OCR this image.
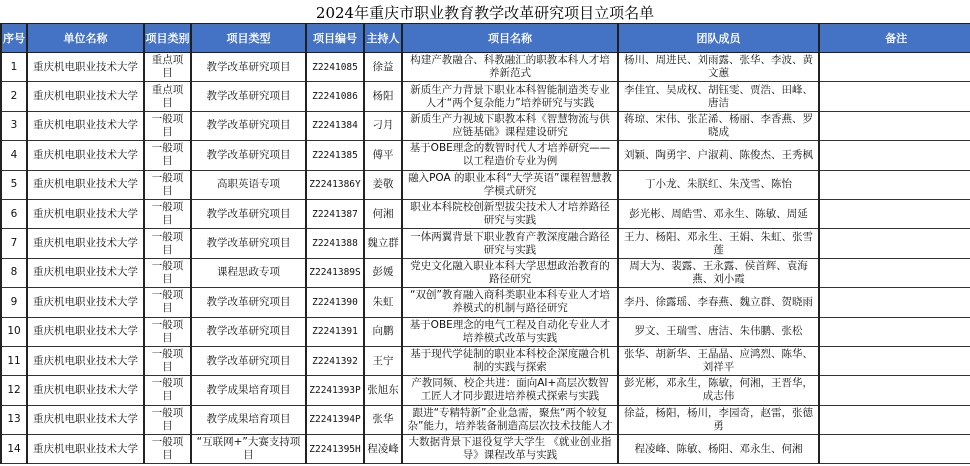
2024年重庆市职业教育教学改革研究项目立项名单
序号	单位名称	项目类别	项目类型	项目编号	主持人	项目名称	团队成员	备注
1	重庆机电职业技术大学	重点项目	教学改革研究项目	Z2241085	徐益	构建产教融合、科教融汇的职教本科人才培养新范式	杨川、周进民、刘雨露、张华、李波、黄文蕙	
2	重庆机电职业技术大学	重点项目	教学改革研究项目	Z2241086	杨阳	新质生产力背景下职业本科智能制造类专业人才“两个复杂能力”培养研究与实践	李佳宜、吴成权、胡钰雯、贾浩、田峰、唐洁	
3	重庆机电职业技术大学	一般项目	教学改革研究项目	Z2241384	刁月	新质生产力视域下职教本科《智慧物流与供应链基础》课程建设研究	蒋琼、宋伟、张芷浠、杨丽、李香燕、罗晓成	
4	重庆机电职业技术大学	一般项目	教学改革研究项目	Z2241385	傅平	基于OBE理念的数智时代人才培养研究——以工程造价专业为例	刘颖、陶勇宇、户淑莉、陈俊杰、王秀枫	
5	重庆机电职业技术大学	一般项目	高职英语专项	Z2241386Y	姜敬	融入POA 的职业本科“大学英语”课程智慧教学模式研究	丁小龙、朱朕红、朱茂雪、陈怡	
6	重庆机电职业技术大学	一般项目	教学改革研究项目	Z2241387	何湘	职业本科院校创新型拔尖技术人才培养路径研究与实践	彭光彬、周皓雪、邓永生、陈敏、周延	
7	重庆机电职业技术大学	一般项目	教学改革研究项目	Z2241388	魏立群	一体两翼背景下职业教育产教深度融合路径研究与实践	王力、杨阳、邓永生、王娟、朱虹、张雪莲	
8	重庆机电职业技术大学	一般项目	课程思政专项	Z2241389S	彭媛	党史文化融入职业本科大学思想政治教育的路径研究	周大为、裴露、王永露、侯首辉、袁海燕、刘小霞	
9	重庆机电职业技术大学	一般项目	教学改革研究项目	Z2241390	朱虹	“双创”教育融入商科类职业本科专业人才培养模式的机制与路径研究	李丹、徐露瑶、李春燕、魏立群、贺晓雨	
10	重庆机电职业技术大学	一般项目	教学改革研究项目	Z2241391	向鹏	基于OBE理念的电气工程及自动化专业人才培养模式改革与实践	罗文、王瑞雪、唐洁、朱伟鹏、张松	
11	重庆机电职业技术大学	一般项目	教学改革研究项目	Z2241392	王宁	基于现代学徒制的职业本科校企深度融合机制的实践与探索	张华、胡新华、王晶晶、应鸿烈、陈华、刘祥平	
12	重庆机电职业技术大学	一般项目	教学成果培育项目	Z2241393P	张旭东	产教同频、校企共进：面向AI+高层次数智工匠人才同步跟进培养模式探索与实践	彭光彬，邓永生，陈敏，何湘，王晋华，成志伟	
13	重庆机电职业技术大学	一般项目	教学成果培育项目	Z2241394P	张华	跟进“专精特新”企业急需，聚焦“两个较复杂”能力，培养装备制造高层次技术技能人才	徐益，杨阳，杨川，李园奇，赵雷，张德勇	
14	重庆机电职业技术大学	一般项目	“互联网+”大赛支持项目	Z2241395H	程凌峰	大数据背景下退役复学大学生 《就业创业指导》课程改革与实践	程凌峰、陈敏、杨阳、邓永生、何湘	
